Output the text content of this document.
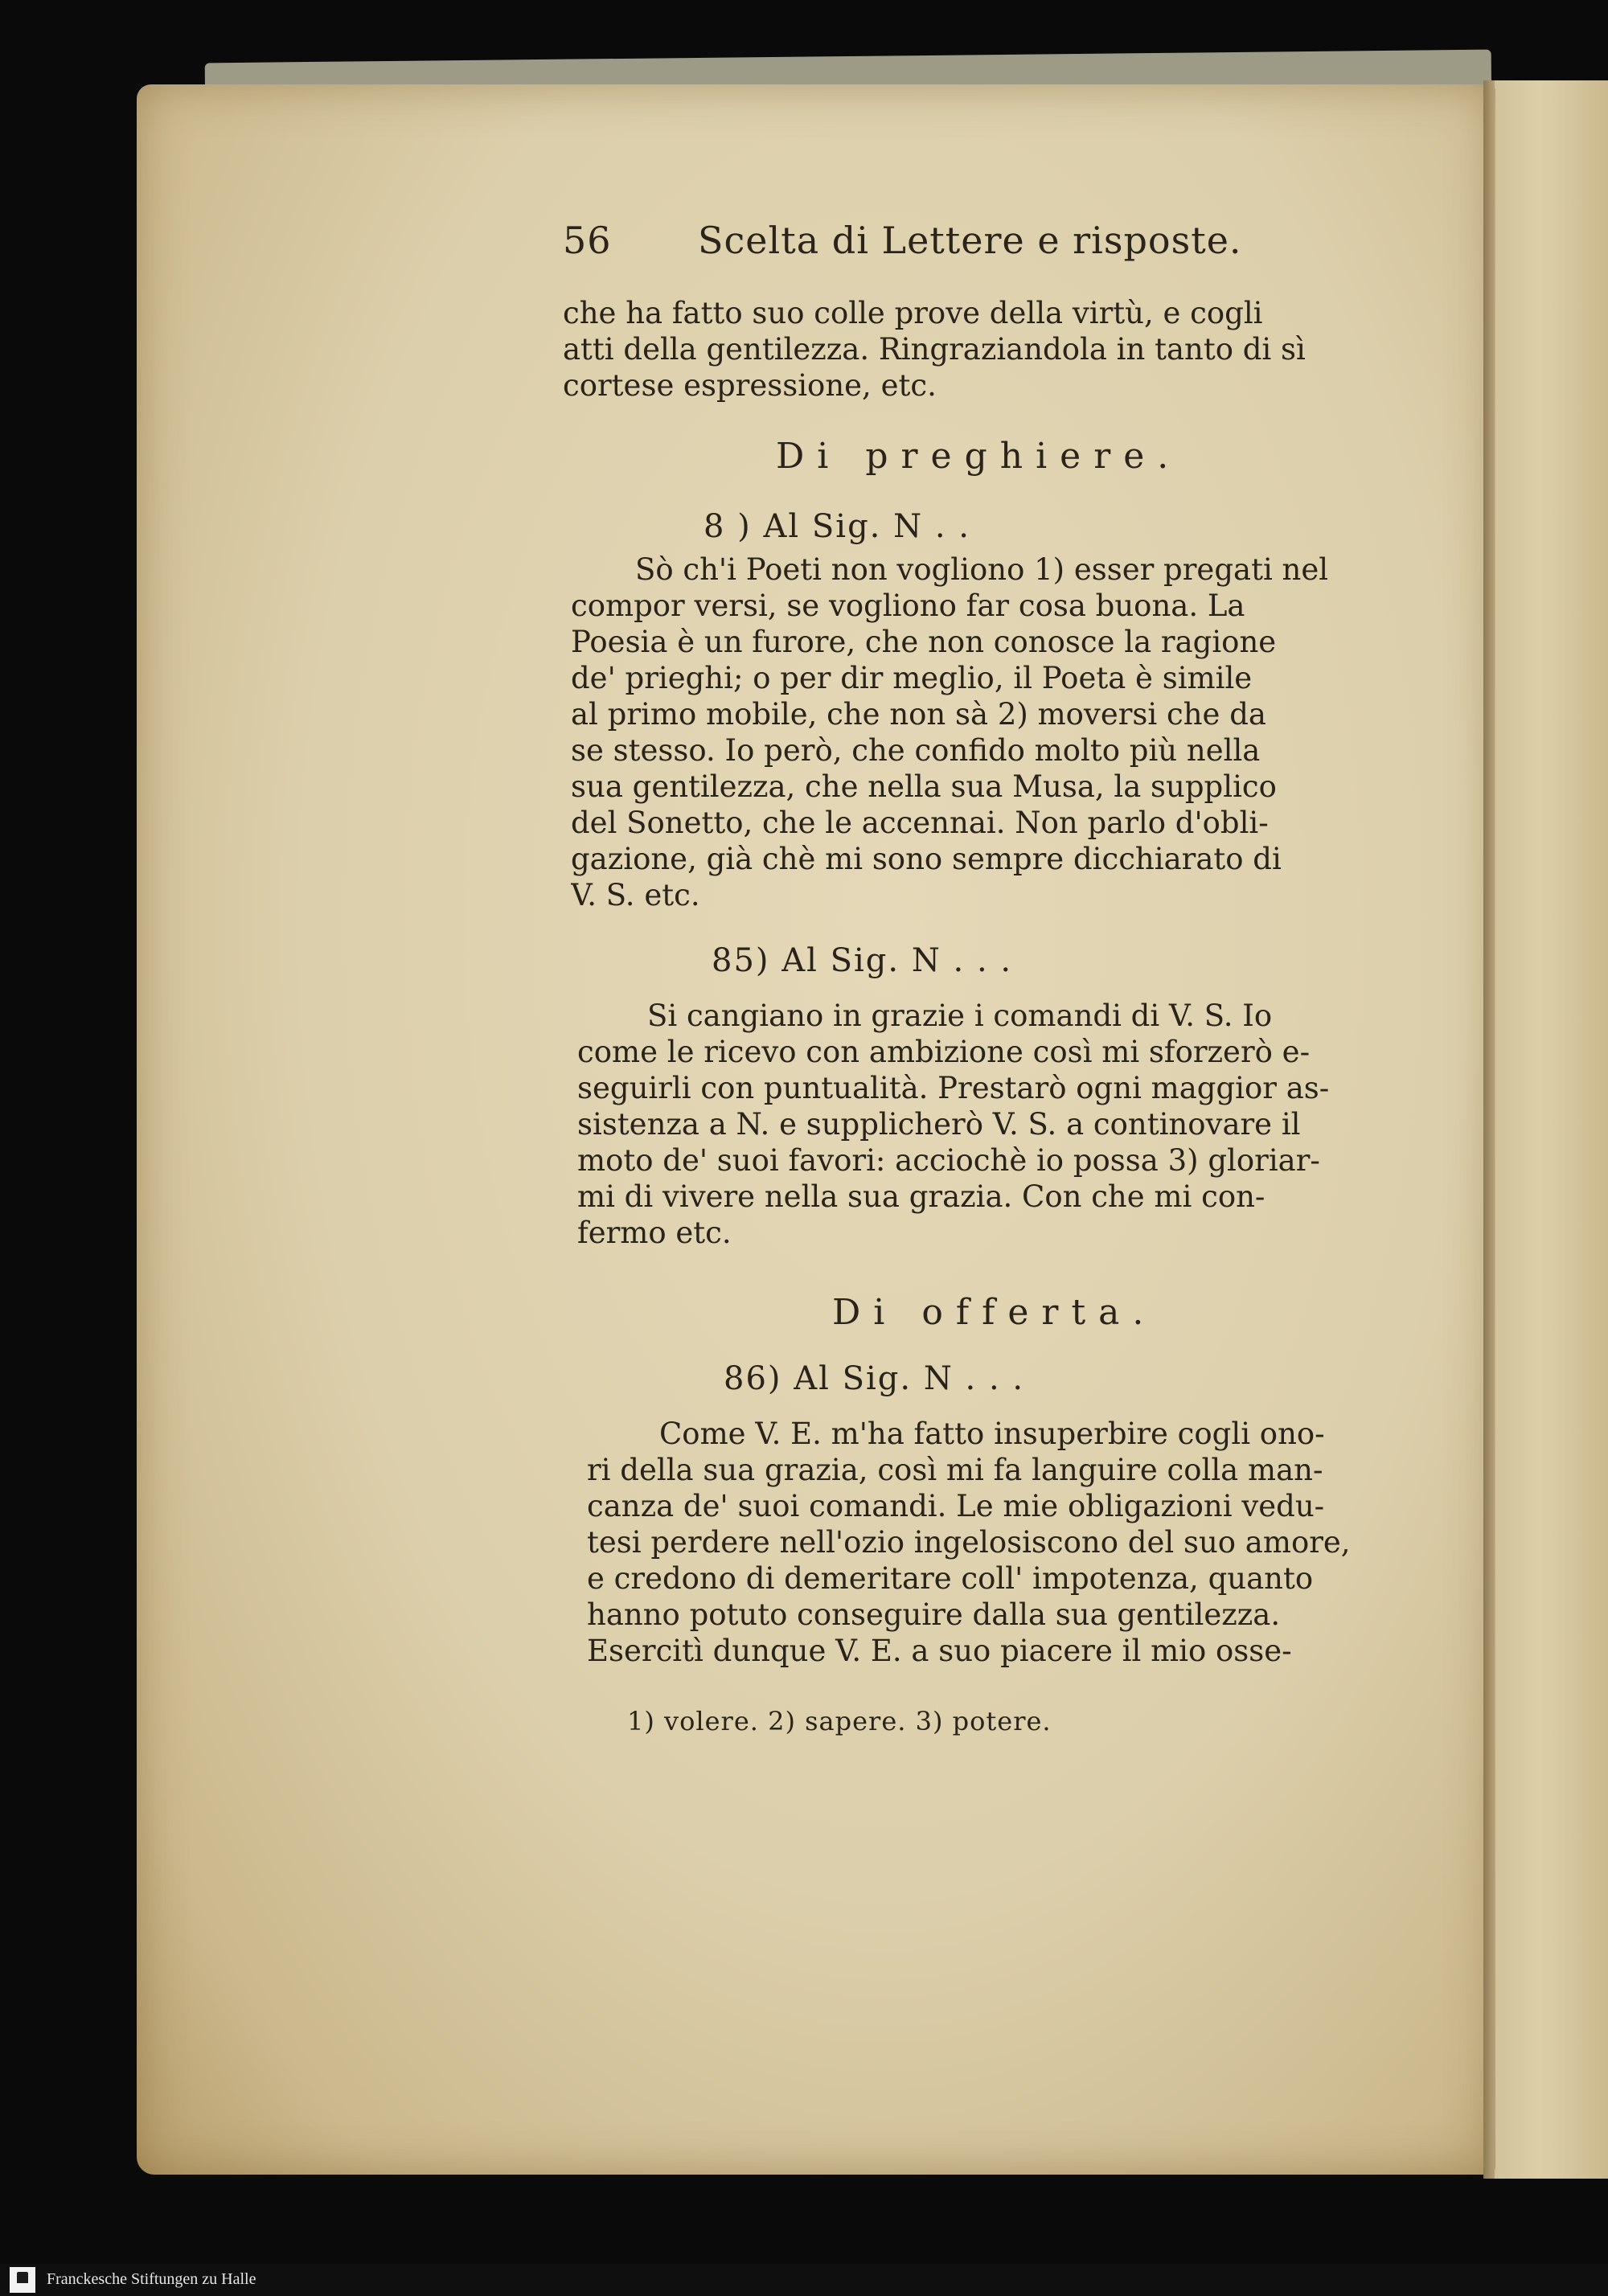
56 Scelta di Lettere e risposte.
che ha fatto suo colle prove della virtù, e cogli
atti della gentilezza. Ringraziandola in tanto di sì
cortese espressione, etc.
Di preghiere.
8 ) Al Sig. N . .
Sò ch'i Poeti non vogliono 1) esser pregati nel
compor versi, se vogliono far cosa buona. La
Poesia è un furore, che non conosce la ragione
de' prieghi; o per dir meglio, il Poeta è simile
al primo mobile, che non sà 2) moversi che da
se stesso. Io però, che confido molto più nella
sua gentilezza, che nella sua Musa, la supplico
del Sonetto, che le accennai. Non parlo d'obli-
gazione, già chè mi sono sempre dicchiarato di
V. S. etc.
85) Al Sig. N . . .
Si cangiano in grazie i comandi di V. S. Io
come le ricevo con ambizione così mi sforzerò e-
seguirli con puntualità. Prestarò ogni maggior as-
sistenza a N. e supplicherò V. S. a continovare il
moto de' suoi favori: acciochè io possa 3) gloriar-
mi di vivere nella sua grazia. Con che mi con-
fermo etc.
Di offerta.
86) Al Sig. N . . .
Come V. E. m'ha fatto insuperbire cogli ono-
ri della sua grazia, così mi fa languire colla man-
canza de' suoi comandi. Le mie obligazioni vedu-
tesi perdere nell'ozio ingelosiscono del suo amore,
e credono di demeritare coll' impotenza, quanto
hanno potuto conseguire dalla sua gentilezza.
Esercitì dunque V. E. a suo piacere il mio osse-
1) volere. 2) sapere. 3) potere.
Franckesche Stiftungen zu Halle
